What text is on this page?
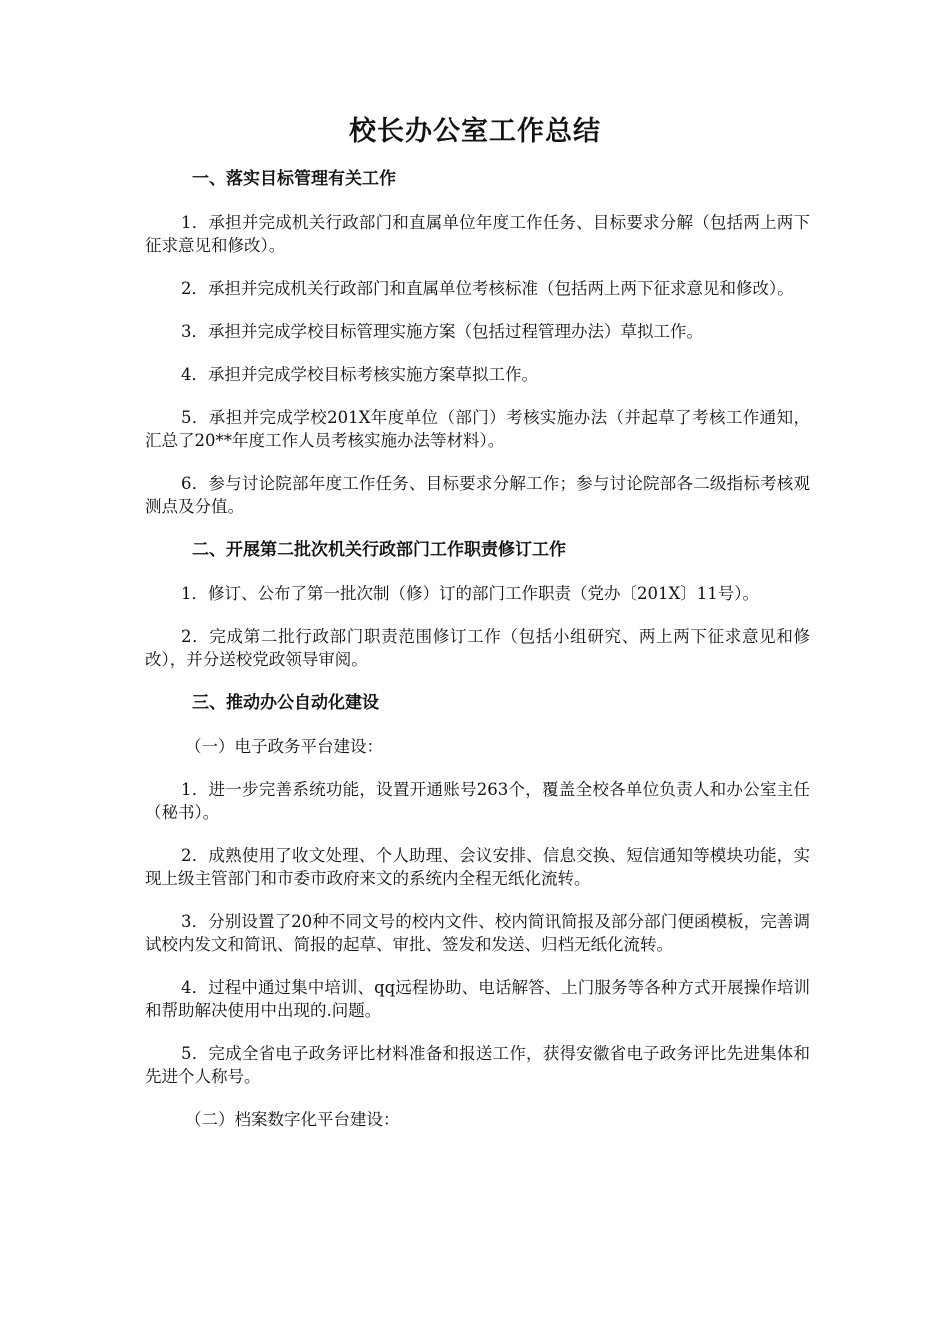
校长办公室工作总结
一、落实目标管理有关工作

1．承担并完成机关行政部门和直属单位年度工作任务、目标要求分解（包括两上两下征求意见和修改）。

2．承担并完成机关行政部门和直属单位考核标准（包括两上两下征求意见和修改）。

3．承担并完成学校目标管理实施方案（包括过程管理办法）草拟工作。

4．承担并完成学校目标考核实施方案草拟工作。

5．承担并完成学校201X年度单位（部门）考核实施办法（并起草了考核工作通知，汇总了20**年度工作人员考核实施办法等材料）。

6．参与讨论院部年度工作任务、目标要求分解工作；参与讨论院部各二级指标考核观测点及分值。

二、开展第二批次机关行政部门工作职责修订工作

1．修订、公布了第一批次制（修）订的部门工作职责（党办〔201X〕11号）。

2．完成第二批行政部门职责范围修订工作（包括小组研究、两上两下征求意见和修改），并分送校党政领导审阅。

三、推动办公自动化建设

（一）电子政务平台建设：

1．进一步完善系统功能，设置开通账号263个，覆盖全校各单位负责人和办公室主任（秘书）。

2．成熟使用了收文处理、个人助理、会议安排、信息交换、短信通知等模块功能，实现上级主管部门和市委市政府来文的系统内全程无纸化流转。

3．分别设置了20种不同文号的校内文件、校内简讯简报及部分部门便函模板，完善调试校内发文和简讯、简报的起草、审批、签发和发送、归档无纸化流转。

4．过程中通过集中培训、qq远程协助、电话解答、上门服务等各种方式开展操作培训和帮助解决使用中出现的.问题。

5．完成全省电子政务评比材料准备和报送工作，获得安徽省电子政务评比先进集体和先进个人称号。

（二）档案数字化平台建设：
